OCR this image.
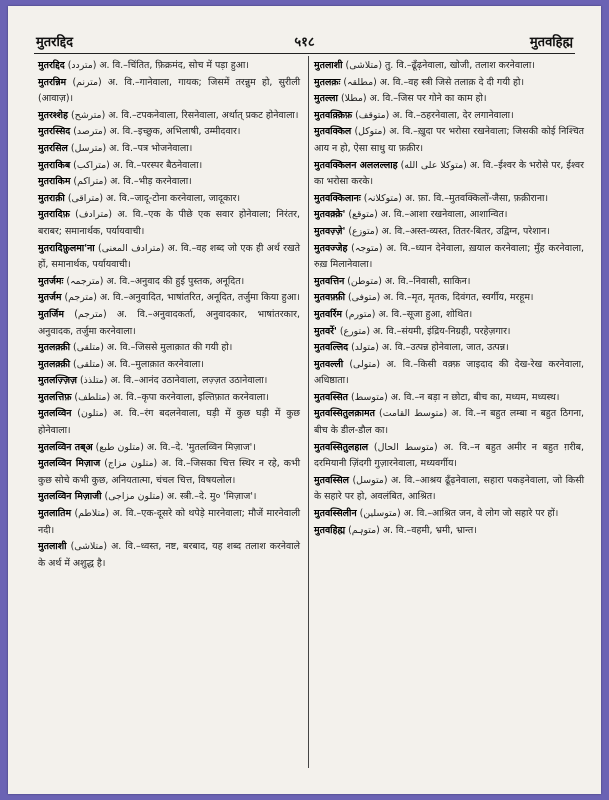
मुतरद्दिद	५१८	मुतवहिह्म

मुतरद्दिद (متردد) अ. वि.–चिंतित, फ़िक्रमंद, सोच में पड़ा हुआ।

मुतरन्निम (مترنم) अ. वि.–गानेवाला, गायक; जिसमें तरन्नुम हो, सुरीली (आवाज़)।

मुतरश्शेह (مترشح) अ. वि.–टपकनेवाला, रिसनेवाला, अर्थात् प्रकट होनेवाला।

मुतरस्सिद (مترصد) अ. वि.–इच्छुक, अभिलाषी, उम्मीदवार।

मुतरसिल (مترسل) अ. वि.–पत्र भोजनेवाला।

मुतराकिब (متراکب) अ. वि.–परस्पर बैठनेवाला।

मुतराकिम (متراکم) अ. वि.–भीड़ करनेवाला।

मुतराक़ी (متراقی) अ. वि.–जादू-टोना करनेवाला, जादूकार।

मुतरादिफ़ (مترادف) अ. वि.–एक के पीछे एक सवार होनेवाला; निरंतर, बराबर; समानार्थक, पर्यायवाची।

मुतरादिफ़ुलमा'ना (مترادف المعنى) अ. वि.–वह शब्द जो एक ही अर्थ रखते हों, समानार्थक, पर्यायवाची।

मुतर्जमः (مترجمہ) अ. वि.–अनुवाद की हुई पुस्तक, अनूदित।

मुतर्जम (مترجم) अ. वि.–अनुवादित, भाषांतरित, अनूदित, तर्जुमा किया हुआ।

मुतर्जिम (مترجم) अ. वि.–अनुवादकर्ता, अनुवादकार, भाषांतरकार, अनुवादक, तर्जुमा करनेवाला।

मुतलक़्क़ी (متلقی) अ. वि.–जिससे मुलाक़ात की गयी हो।

मुतलक़्क़ी (متلقی) अ. वि.–मुलाक़ात करनेवाला।

मुतलज़्ज़िज़ (متلذذ) अ. वि.–आनंद उठानेवाला, लज़्ज़त उठानेवाला।

मुतलत्तिफ़ (متلطف) अ. वि.–कृपा करनेवाला, इल्तिफ़ात करनेवाला।

मुतलव्विन (متلون) अ. वि.–रंग बदलनेवाला, घड़ी में कुछ घड़ी में कुछ होनेवाला।

मुतलव्विन तब्अ (متلون طبع) अ. वि.–दे. 'मुतलव्विन मिज़ाज'।

मुतलव्विन मिज़ाज (متلون مزاج) अ. वि.–जिसका चित्त स्थिर न रहे, कभी कुछ सोचे कभी कुछ, अनियतात्मा, चंचल चित्त, विषयलोल।

मुतलव्विन मिज़ाजी (متلون مزاجی) अ. स्त्री.–दे. मु० 'मिज़ाज'।

मुतलातिम (متلاطم) अ. वि.–एक-दूसरे को थपेड़े मारनेवाला; मौजें मारनेवाली नदी।

मुतलाशी (متلاشی) अ. वि.–ध्वस्त, नष्ट, बरबाद, यह शब्द तलाश करनेवाले के अर्थ में अशुद्ध है।

मुतलाशी (متلاشی) तु. वि.–ढूँढ़नेवाला, खोजी, तलाश करनेवाला।

मुतलक़ः (مطلقہ) अ. वि.–वह स्त्री जिसे तलाक़ दे दी गयी हो।

मुतल्ला (مطلا) अ. वि.–जिस पर गोने का काम हो।

मुतवक़्क़िफ़ (متوقف) अ. वि.–ठहरनेवाला, देर लगानेवाला।

मुतवक्किल (متوکل) अ. वि.–ख़ुदा पर भरोसा रखनेवाला; जिसकी कोई निश्चित आय न हो, ऐसा साधु या फ़क़ीर।

मुतवक्किलन अललल्लाह (متوکلا على الله) अ. वि.–ईश्वर के भरोसे पर, ईश्वर का भरोसा करके।

मुतवक्किलानः (متوکلانہ) अ. फ़ा. वि.–मुतवक्किलों-जैसा, फ़क़ीराना।

मुतवक़्क़े' (متوقع) अ. वि.–आशा रखनेवाला, आशान्वित।

मुतवज़्ज़े' (متوزع) अ. वि.–अस्त-व्यस्त, तितर-बितर, उद्विग्न, परेशान।

मुतवज्जेह (متوجہ) अ. वि.–ध्यान देनेवाला, ख़याल करनेवाला; मुँह करनेवाला, रुख़ मिलानेवाला।

मुतवत्तिन (متوطن) अ. वि.–निवासी, साकिन।

मुतवफ़्फ़ी (متوفی) अ. वि.–मृत, मृतक, दिवंगत, स्वर्गीय, मरहूम।

मुतवर्रिम (متورم) अ. वि.–सूजा हुआ, शोथित।

मुतवर्रे' (متورع) अ. वि.–संयमी, इंद्रिय-निग्रही, परहेज़गार।

मुतवल्लिद (متولد) अ. वि.–उत्पन्न होनेवाला, जात, उत्पन्न।

मुतवल्ली (متولی) अ. वि.–किसी वक़्फ़ जाइदाद की देख-रेख करनेवाला, अधिष्ठाता।

मुतवस्सित (متوسط) अ. वि.–न बड़ा न छोटा, बीच का, मध्यम, मध्यस्थ।

मुतवस्सितुलक़ामत (متوسط القامت) अ. वि.–न बहुत लम्बा न बहुत ठिगना, बीच के डील-डौल का।

मुतवस्सितुलहाल (متوسط الحال) अ. वि.–न बहुत अमीर न बहुत ग़रीब, दरमियानी ज़िंदगी गुज़ारनेवाला, मध्यवर्गीय।

मुतवस्सिल (متوسل) अ. वि.–आश्रय ढूँढ़नेवाला, सहारा पकड़नेवाला, जो किसी के सहारे पर हो, अवलंबित, आश्रित।

मुतवस्सिलीन (متوسلین) अ. वि.–आश्रित जन, वे लोग जो सहारे पर हों।

मुतवहिह्म (متوہم) अ. वि.–वहमी, भ्रमी, भ्रान्त।
